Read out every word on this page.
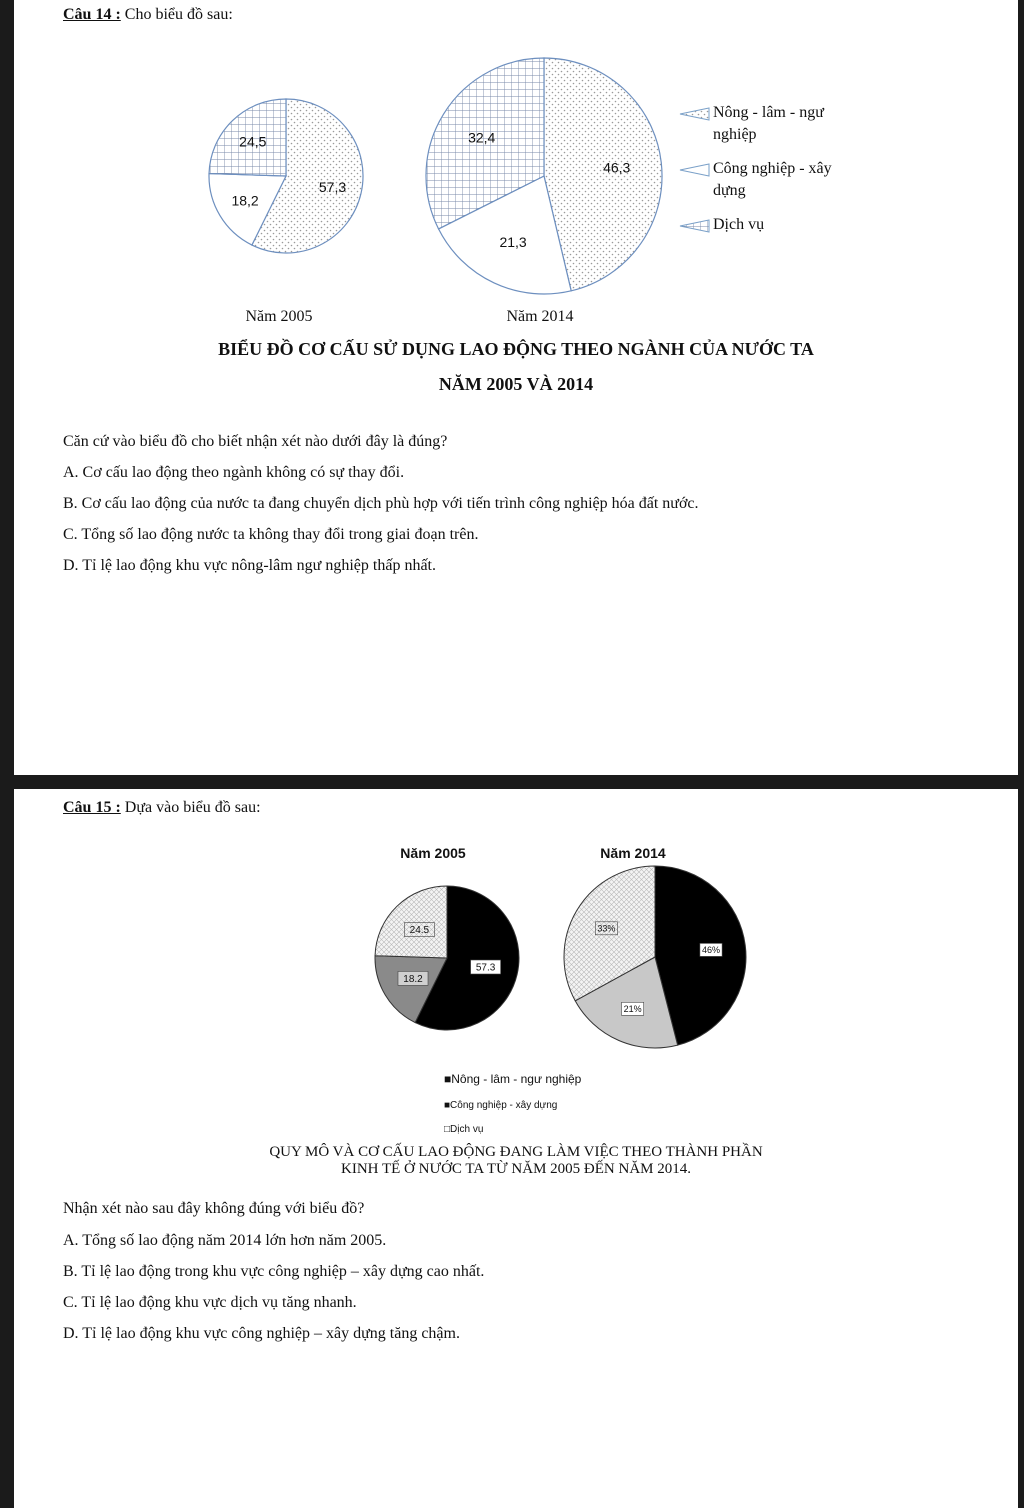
Câu 14 : Cho biểu đồ sau:
57,3
18,2
24,5
46,3
21,3
32,4
Năm 2005	Năm 2014
Nông - lâm - ngư
nghiệp
Công nghiệp - xây
dựng
Dịch vụ
BIỂU ĐỒ CƠ CẤU SỬ DỤNG LAO ĐỘNG THEO NGÀNH CỦA NƯỚC TA
NĂM 2005 VÀ 2014
Căn cứ vào biểu đồ cho biết nhận xét nào dưới đây là đúng?
A. Cơ cấu lao động theo ngành không có sự thay đổi.
B. Cơ cấu lao động của nước ta đang chuyển dịch phù hợp với tiến trình công nghiệp hóa đất nước.
C. Tổng số lao động nước ta không thay đổi trong giai đoạn trên.
D. Tỉ lệ lao động khu vực nông-lâm ngư nghiệp thấp nhất.
Câu 15 : Dựa vào biểu đồ sau:
57.3
18.2
24.5
46%
21%
33%
Năm 2005	Năm 2014
■Nông - lâm - ngư nghiệp
■Công nghiệp - xây dựng
□Dịch vụ
QUY MÔ VÀ CƠ CẤU LAO ĐỘNG ĐANG LÀM VIỆC THEO THÀNH PHẦN
KINH TẾ Ở NƯỚC TA TỪ NĂM 2005 ĐẾN NĂM 2014.
Nhận xét nào sau đây không đúng với biểu đồ?
A. Tổng số lao động năm 2014 lớn hơn năm 2005.
B. Tỉ lệ lao động trong khu vực công nghiệp – xây dựng cao nhất.
C. Tỉ lệ lao động khu vực dịch vụ tăng nhanh.
D. Tỉ lệ lao động khu vực công nghiệp – xây dựng tăng chậm.
